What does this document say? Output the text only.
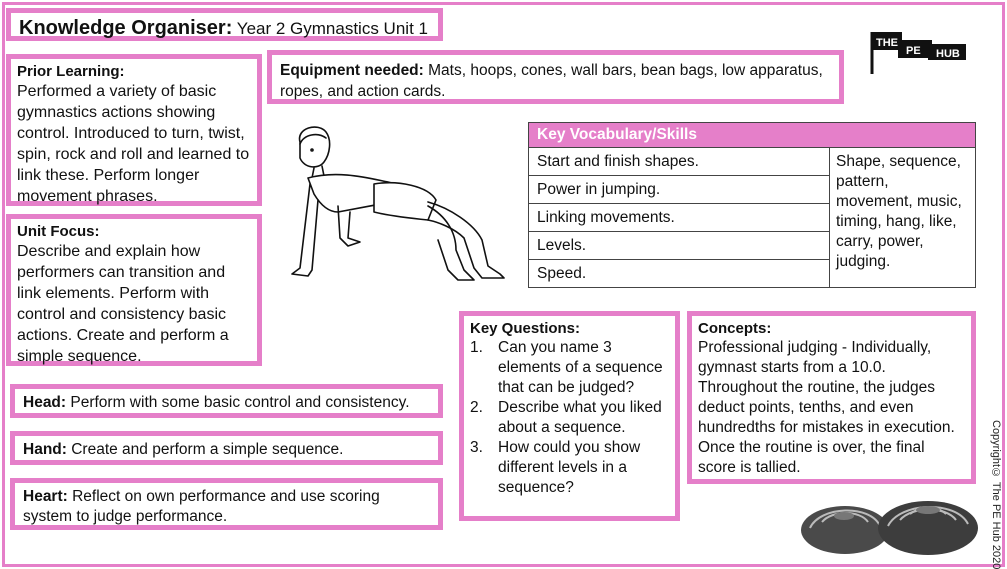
Knowledge Organiser: Year 2 Gymnastics Unit 1
THE
PE HUB
Prior Learning:
Performed a variety of basic gymnastics actions showing control. Introduced to turn, twist, spin, rock and roll and learned to link these. Perform longer movement phrases.
Unit Focus:
Describe and explain how performers can transition and link elements. Perform with control and consistency basic actions. Create and perform a simple sequence.
Equipment needed: Mats, hoops, cones, wall bars, bean bags, low apparatus, ropes, and action cards.
Key Vocabulary/Skills
Start and finish shapes.	Shape, sequence, pattern, movement, music, timing, hang, like, carry, power, judging.
Power in jumping.
Linking movements.
Levels.
Speed.
Key Questions:
1. Can you name 3 elements of a sequence that can be judged?
2. Describe what you liked about a sequence.
3. How could you show different levels in a sequence?
Concepts:
Professional judging - Individually, gymnast starts from a 10.0. Throughout the routine, the judges deduct points, tenths, and even hundredths for mistakes in execution. Once the routine is over, the final score is tallied.
Head: Perform with some basic control and consistency.
Hand: Create and perform a simple sequence.
Heart: Reflect on own performance and use scoring system to judge performance.	Copyright© The PE Hub 2020
